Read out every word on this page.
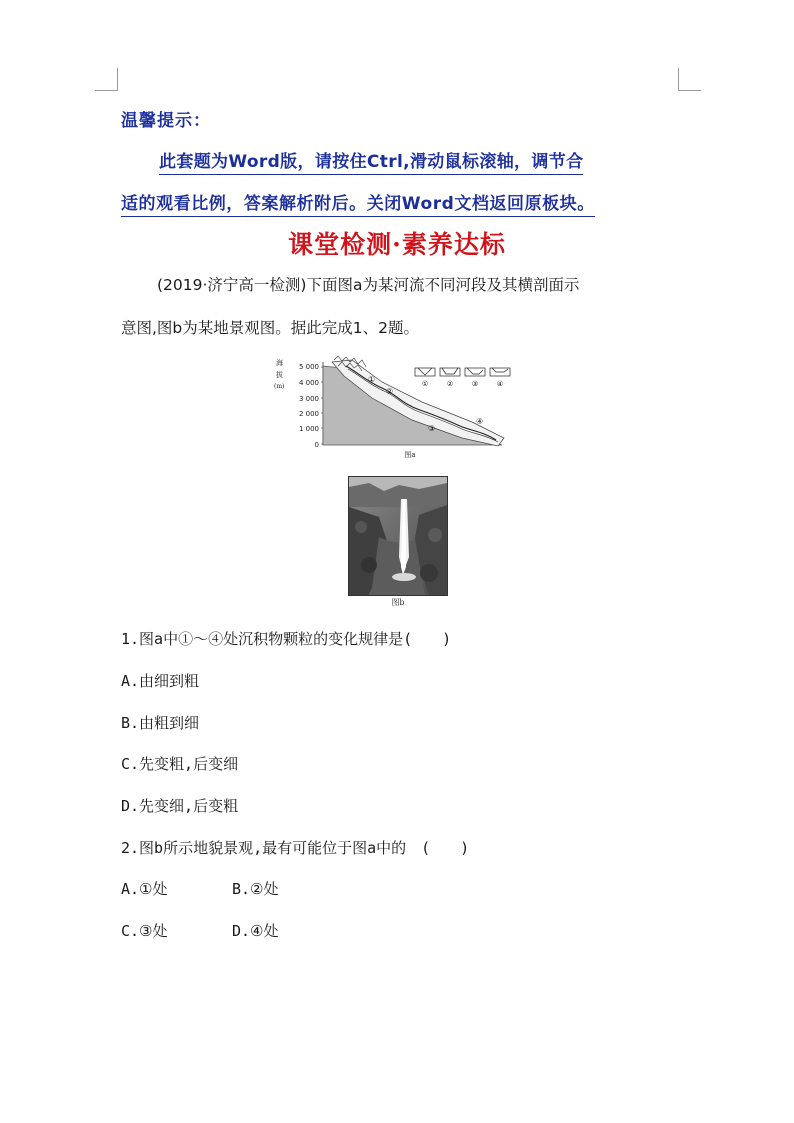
温馨提示：
此套题为Word版，请按住Ctrl,滑动鼠标滚轴，调节合
适的观看比例，答案解析附后。关闭Word文档返回原板块。
课堂检测·素养达标
(2019·济宁高一检测)下面图a为某河流不同河段及其横剖面示
意图,图b为某地景观图。据此完成1、2题。
海
拔
(m)
5 000
4 000
3 000
2 000
1 000
0
①
②
③
④
①	②	③	④
图a
图b
1.图a中①～④处沉积物颗粒的变化规律是(　　)
A.由细到粗
B.由粗到细
C.先变粗,后变细
D.先变细,后变粗
2.图b所示地貌景观,最有可能位于图a中的　(　　)
A.①处	B.②处
C.③处	D.④处
